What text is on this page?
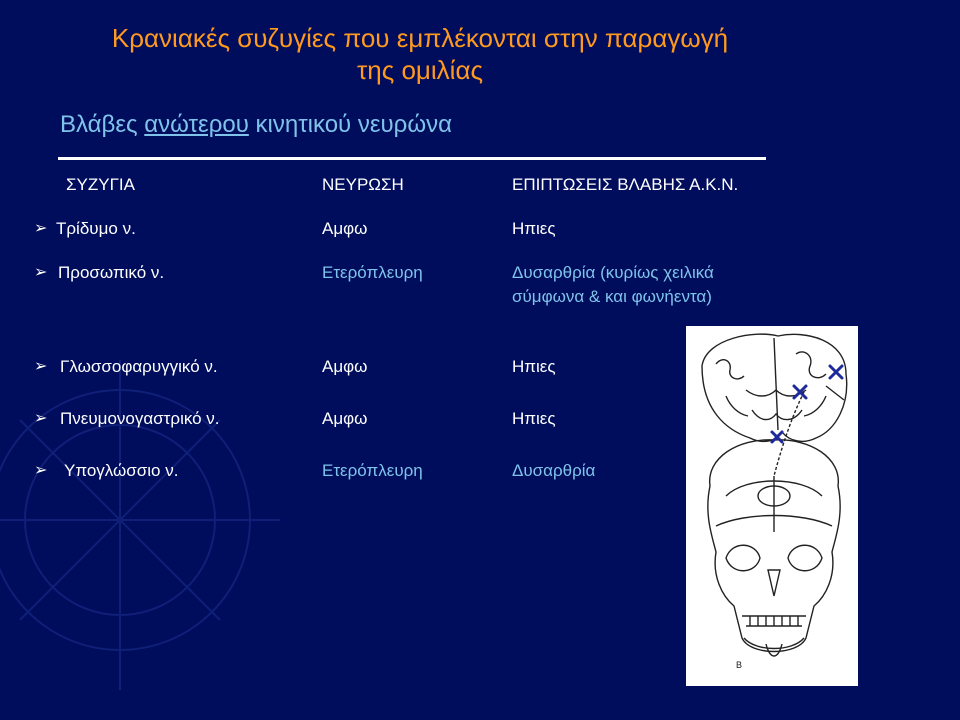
Κρανιακές συζυγίες που εμπλέκονται στην παραγωγή
της ομιλίας
Βλάβες ανώτερου κινητικού νευρώνα
ΣΥΖΥΓΙΑ	ΝΕΥΡΩΣΗ	ΕΠΙΠΤΩΣΕΙΣ ΒΛΑΒΗΣ Α.Κ.Ν.
➢ Τρίδυμο ν.	Αμφω	Ηπιες
➢ Προσωπικό ν.	Ετερόπλευρη	Δυσαρθρία (κυρίως χειλικά
σύμφωνα & και φωνήεντα)
➢ Γλωσσοφαρυγγικό ν.	Αμφω	Ηπιες
➢ Πνευμονογαστρικό ν.	Αμφω	Ηπιες
➢ Υπογλώσσιο ν.	Ετερόπλευρη	Δυσαρθρία
B
